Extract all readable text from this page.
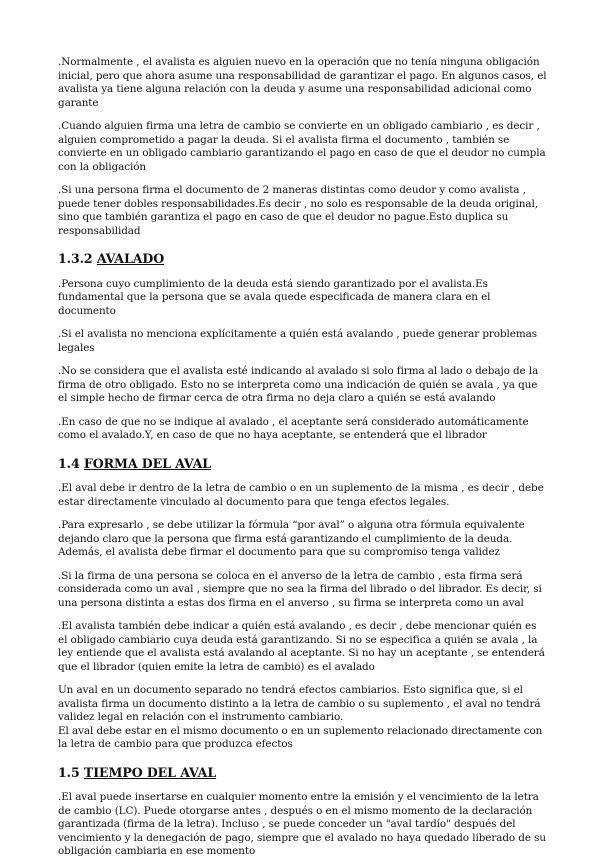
.Normalmente , el avalista es alguien nuevo en la operación que no tenía ninguna obligación inicial, pero que ahora asume una responsabilidad de garantizar el pago. En algunos casos, el avalista ya tiene alguna relación con la deuda y asume una responsabilidad adicional como garante

.Cuando alguien firma una letra de cambio se convierte en un obligado cambiario , es decir , alguien comprometido a pagar la deuda. Si el avalista firma el documento , también se convierte en un obligado cambiario garantizando el pago en caso de que el deudor no cumpla con la obligación

.Si una persona firma el documento de 2 maneras distintas como deudor y como avalista , puede tener dobles responsabilidades.Es decir , no solo es responsable de la deuda original, sino que también garantiza el pago en caso de que el deudor no pague.Esto duplica su responsabilidad

1.3.2 AVALADO

.Persona cuyo cumplimiento de la deuda está siendo garantizado por el avalista.Es fundamental que la persona que se avala quede especificada de manera clara en el documento

.Si el avalista no menciona explícitamente a quién está avalando , puede generar problemas legales

.No se considera que el avalista esté indicando al avalado si solo firma al lado o debajo de la firma de otro obligado. Esto no se interpreta como una indicación de quién se avala , ya que el simple hecho de firmar cerca de otra firma no deja claro a quién se está avalando

.En caso de que no se indique al avalado , el aceptante será considerado automáticamente como el avalado.Y, en caso de que no haya aceptante, se entenderá que el librador

1.4 FORMA DEL AVAL

.El aval debe ir dentro de la letra de cambio o en un suplemento de la misma , es decir , debe estar directamente vinculado al documento para que tenga efectos legales.

.Para expresarlo , se debe utilizar la fórmula “por aval” o alguna otra fórmula equivalente dejando claro que la persona que firma está garantizando el cumplimiento de la deuda. Además, el avalista debe firmar el documento para que su compromiso tenga validez

.Si la firma de una persona se coloca en el anverso de la letra de cambio , esta firma será considerada como un aval , siempre que no sea la firma del librado o del librador. Es decir, si una persona distinta a estas dos firma en el anverso , su firma se interpreta como un aval

.El avalista también debe indicar a quién está avalando , es decir , debe mencionar quién es el obligado cambiario cuya deuda está garantizando. Si no se especifica a quién se avala , la ley entiende que el avalista está avalando al aceptante. Si no hay un aceptante , se entenderá que el librador (quien emite la letra de cambio) es el avalado

Un aval en un documento separado no tendrá efectos cambiarios. Esto significa que, si el avalista firma un documento distinto a la letra de cambio o su suplemento , el aval no tendrá validez legal en relación con el instrumento cambiario.

El aval debe estar en el mismo documento o en un suplemento relacionado directamente con la letra de cambio para que produzca efectos

1.5 TIEMPO DEL AVAL

.El aval puede insertarse en cualquier momento entre la emisión y el vencimiento de la letra de cambio (LC). Puede otorgarse antes , después o en el mismo momento de la declaración garantizada (firma de la letra). Incluso , se puede conceder un "aval tardío" después del vencimiento y la denegación de pago, siempre que el avalado no haya quedado liberado de su obligación cambiaria en ese momento
